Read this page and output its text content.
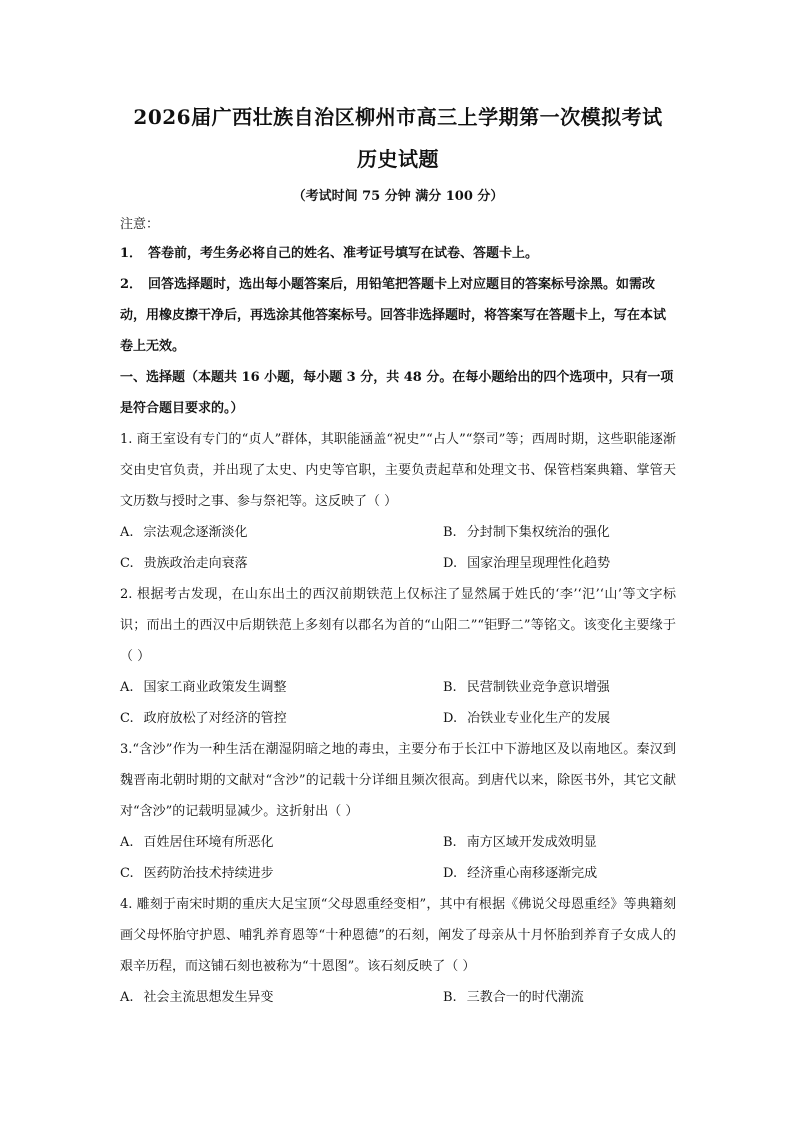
2026届广西壮族自治区柳州市高三上学期第一次模拟考试
历史试题
（考试时间 75 分钟 满分 100 分）
注意：

1． 答卷前，考生务必将自己的姓名、准考证号填写在试卷、答题卡上。

2． 回答选择题时，选出每小题答案后，用铅笔把答题卡上对应题目的答案标号涂黑。如需改动，用橡皮擦干净后，再选涂其他答案标号。回答非选择题时，将答案写在答题卡上，写在本试卷上无效。

一、选择题（本题共 16 小题，每小题 3 分，共 48 分。在每小题给出的四个选项中，只有一项是符合题目要求的。）

1. 商王室设有专门的“贞人”群体，其职能涵盖“祝史”“占人”“祭司”等；西周时期，这些职能逐渐交由史官负责，并出现了太史、内史等官职，主要负责起草和处理文书、保管档案典籍、掌管天文历数与授时之事、参与祭祀等。这反映了（ ）

A. 宗法观念逐渐淡化	B. 分封制下集权统治的强化
C. 贵族政治走向衰落	D. 国家治理呈现理性化趋势

2. 根据考古发现，在山东出土的西汉前期铁范上仅标注了显然属于姓氏的‘李’‘氾’‘山’等文字标识；而出土的西汉中后期铁范上多刻有以郡名为首的“山阳二”“钜野二”等铭文。该变化主要缘于（ ）

A. 国家工商业政策发生调整	B. 民营制铁业竞争意识增强
C. 政府放松了对经济的管控	D. 冶铁业专业化生产的发展

3.“含沙”作为一种生活在潮湿阴暗之地的毒虫，主要分布于长江中下游地区及以南地区。秦汉到魏晋南北朝时期的文献对“含沙”的记载十分详细且频次很高。到唐代以来，除医书外，其它文献对“含沙”的记载明显减少。这折射出（ ）

A. 百姓居住环境有所恶化	B. 南方区域开发成效明显
C. 医药防治技术持续进步	D. 经济重心南移逐渐完成

4. 雕刻于南宋时期的重庆大足宝顶“父母恩重经变相”，其中有根据《佛说父母恩重经》等典籍刻画父母怀胎守护恩、哺乳养育恩等“十种恩德”的石刻，阐发了母亲从十月怀胎到养育子女成人的艰辛历程，而这铺石刻也被称为“十恩图”。该石刻反映了（ ）

A. 社会主流思想发生异变	B. 三教合一的时代潮流
